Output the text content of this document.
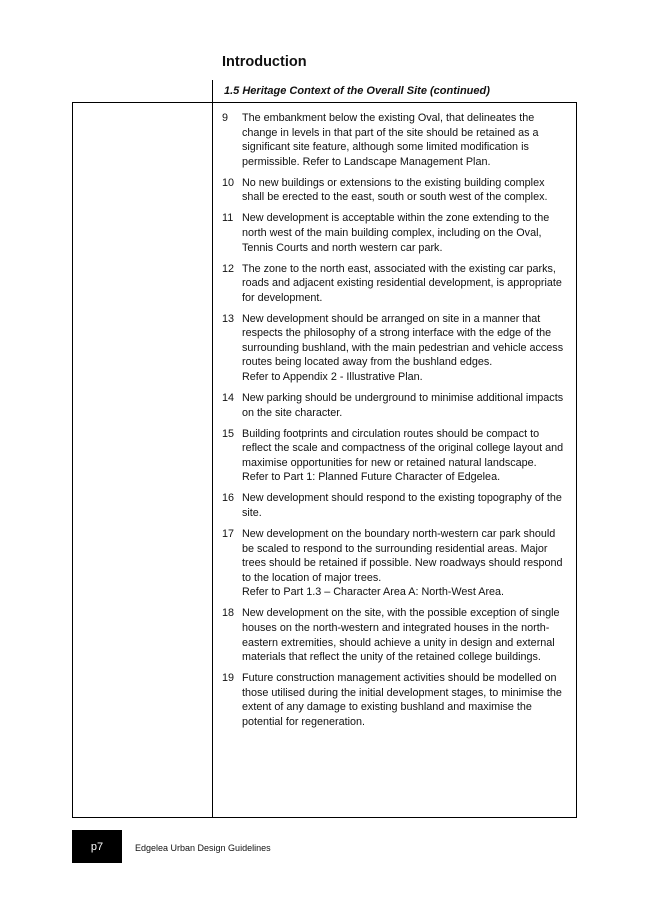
Introduction
1.5 Heritage Context of the Overall Site (continued)
9	The embankment below the existing Oval, that delineates the
change in levels in that part of the site should be retained as a
significant site feature, although some limited modification is
permissible. Refer to Landscape Management Plan.
10 No new buildings or extensions to the existing building complex
shall be erected to the east, south or south west of the complex.
11 New development is acceptable within the zone extending to the
north west of the main building complex, including on the Oval,
Tennis Courts and north western car park.
12 The zone to the north east, associated with the existing car parks,
roads and adjacent existing residential development, is appropriate
for development.
13 New development should be arranged on site in a manner that
respects the philosophy of a strong interface with the edge of the
surrounding bushland, with the main pedestrian and vehicle access
routes being located away from the bushland edges.
Refer to Appendix 2 - Illustrative Plan.
14 New parking should be underground to minimise additional impacts
on the site character.
15 Building footprints and circulation routes should be compact to
reflect the scale and compactness of the original college layout and
maximise opportunities for new or retained natural landscape.
Refer to Part 1: Planned Future Character of Edgelea.
16 New development should respond to the existing topography of the
site.
17 New development on the boundary north-western car park should
be scaled to respond to the surrounding residential areas. Major
trees should be retained if possible. New roadways should respond
to the location of major trees.
Refer to Part 1.3 – Character Area A: North-West Area.
18 New development on the site, with the possible exception of single
houses on the north-western and integrated houses in the north-
eastern extremities, should achieve a unity in design and external
materials that reflect the unity of the retained college buildings.
19 Future construction management activities should be modelled on
those utilised during the initial development stages, to minimise the
extent of any damage to existing bushland and maximise the
potential for regeneration.
p7	Edgelea Urban Design Guidelines
